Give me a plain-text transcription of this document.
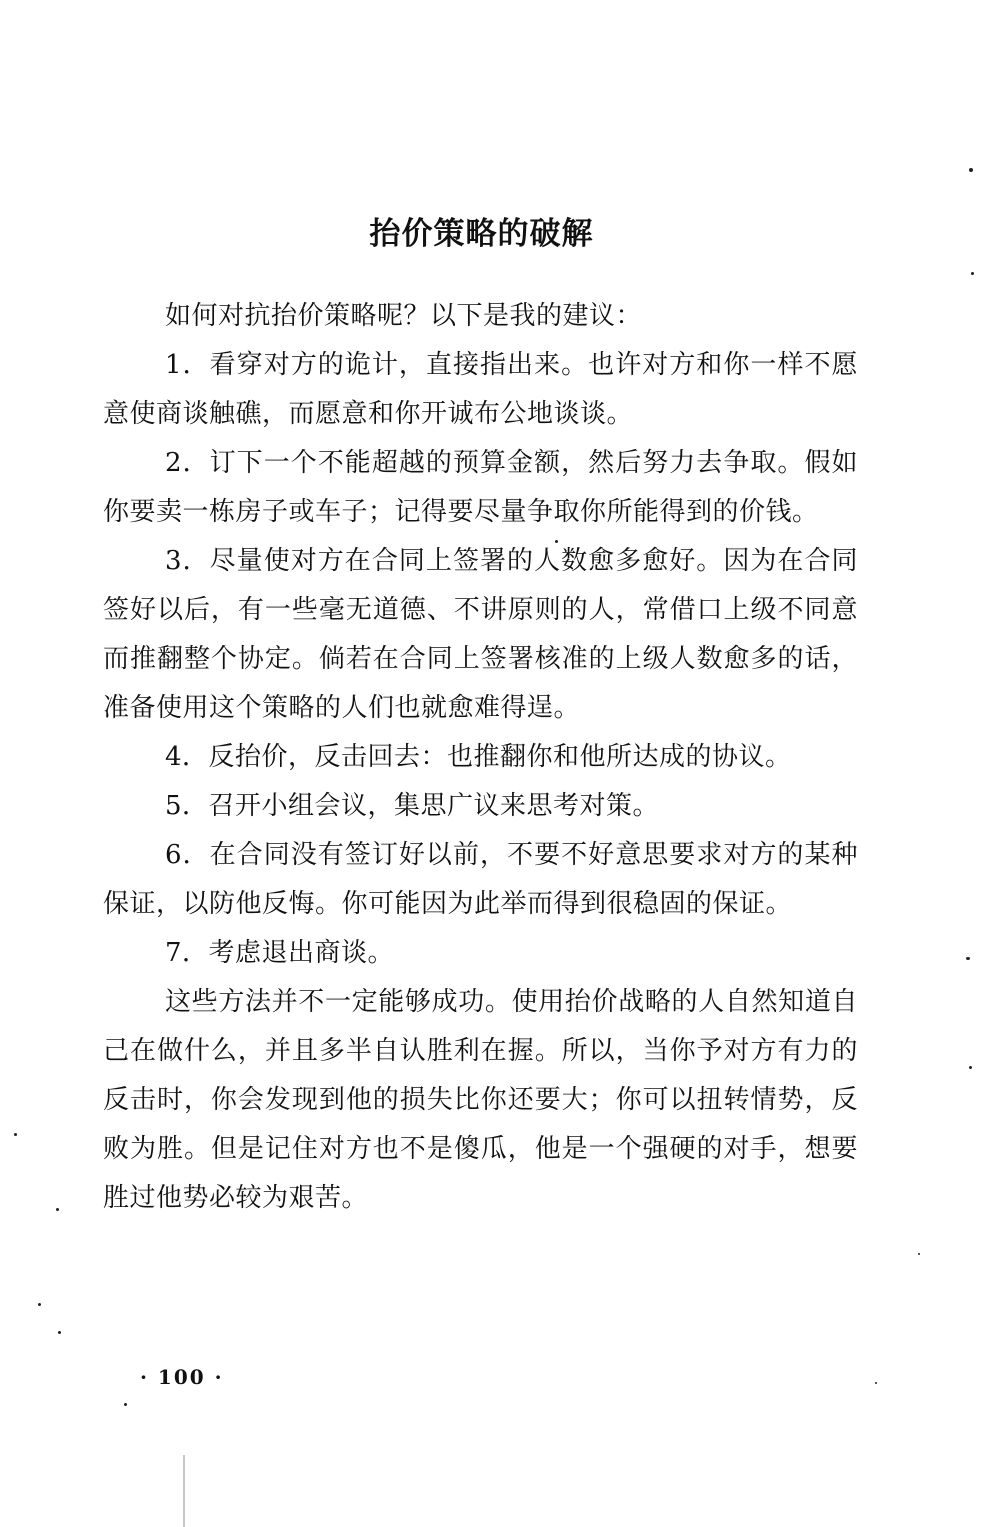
抬价策略的破解

如何对抗抬价策略呢？以下是我的建议：

1．看穿对方的诡计，直接指出来。也许对方和你一样不愿意使商谈触礁，而愿意和你开诚布公地谈谈。

2．订下一个不能超越的预算金额，然后努力去争取。假如你要卖一栋房子或车子；记得要尽量争取你所能得到的价钱。

3．尽量使对方在合同上签署的人数愈多愈好。因为在合同签好以后，有一些毫无道德、不讲原则的人，常借口上级不同意而推翻整个协定。倘若在合同上签署核准的上级人数愈多的话，准备使用这个策略的人们也就愈难得逞。

4．反抬价，反击回去：也推翻你和他所达成的协议。

5．召开小组会议，集思广议来思考对策。

6．在合同没有签订好以前，不要不好意思要求对方的某种保证，以防他反悔。你可能因为此举而得到很稳固的保证。

7．考虑退出商谈。

这些方法并不一定能够成功。使用抬价战略的人自然知道自己在做什么，并且多半自认胜利在握。所以，当你予对方有力的反击时，你会发现到他的损失比你还要大；你可以扭转情势，反败为胜。但是记住对方也不是傻瓜，他是一个强硬的对手，想要胜过他势必较为艰苦。

· 100 ·
